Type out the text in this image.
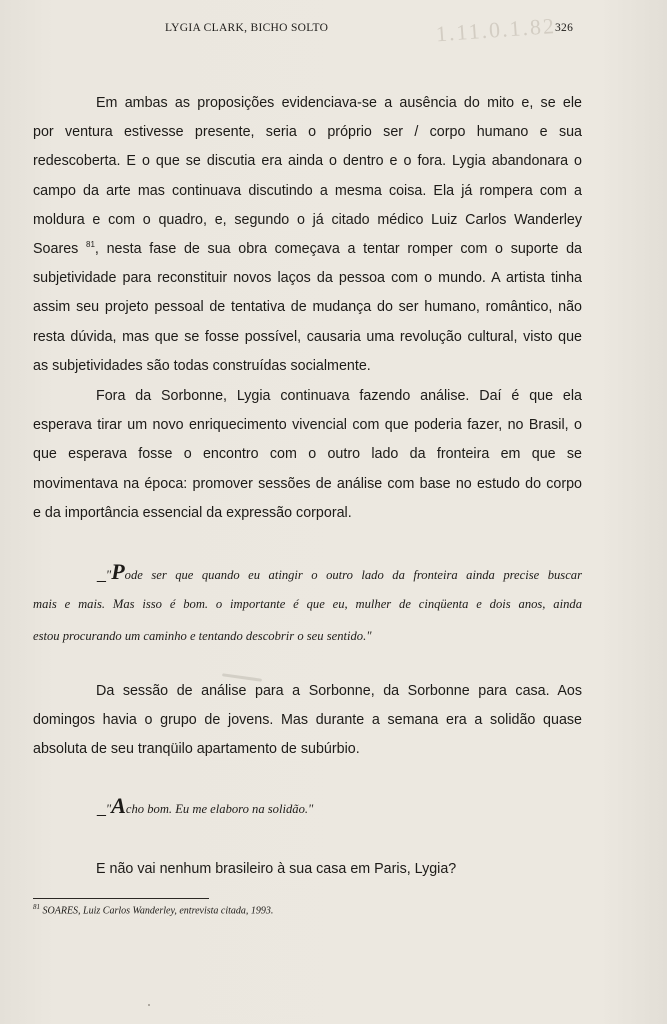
LYGIA CLARK, BICHO SOLTO	326
1.11.0.1.82
Em ambas as proposições evidenciava-se a ausência do mito e, se ele
por ventura estivesse presente, seria o próprio ser / corpo humano e sua
redescoberta. E o que se discutia era ainda o dentro e o fora. Lygia abandonara o
campo da arte mas continuava discutindo a mesma coisa. Ela já rompera com a
moldura e com o quadro, e, segundo o já citado médico Luiz Carlos Wanderley
Soares $^{81}$, nesta fase de sua obra começava a tentar romper com o suporte da
subjetividade para reconstituir novos laços da pessoa com o mundo. A artista tinha
assim seu projeto pessoal de tentativa de mudança do ser humano, romântico, não
resta dúvida, mas que se fosse possível, causaria uma revolução cultural, visto que
as subjetividades são todas construídas socialmente.
Fora da Sorbonne, Lygia continuava fazendo análise. Daí é que ela
esperava tirar um novo enriquecimento vivencial com que poderia fazer, no Brasil, o
que esperava fosse o encontro com o outro lado da fronteira em que se
movimentava na época: promover sessões de análise com base no estudo do corpo
e da importância essencial da expressão corporal.
_"Pode ser que quando eu atingir o outro lado da fronteira ainda precise buscar
mais e mais. Mas isso é bom. o importante é que eu, mulher de cinqüenta e dois anos, ainda
estou procurando um caminho e tentando descobrir o seu sentido."
Da sessão de análise para a Sorbonne, da Sorbonne para casa. Aos
domingos havia o grupo de jovens. Mas durante a semana era a solidão quase
absoluta de seu tranqüilo apartamento de subúrbio.
_"Acho bom. Eu me elaboro na solidão."
E não vai nenhum brasileiro à sua casa em Paris, Lygia?
$^{81}$ SOARES, Luiz Carlos Wanderley, entrevista citada, 1993.
